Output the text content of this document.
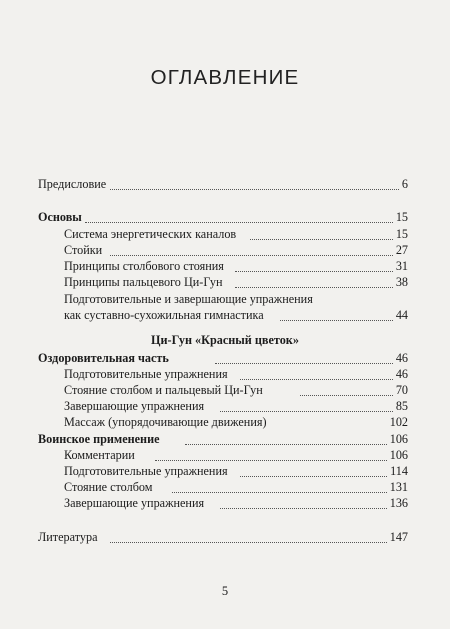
ОГЛАВЛЕНИЕ
Предисловие	6
Основы	15
Система энергетических каналов	15
Стойки	27
Принципы столбового стояния	31
Принципы пальцевого Ци-Гун	38
Подготовительные и завершающие упражнения
как суставно-сухожильная гимнастика	44
Ци-Гун «Красный цветок»
Оздоровительная часть	46
Подготовительные упражнения	46
Стояние столбом и пальцевый Ци-Гун	70
Завершающие упражнения	85
Массаж (упорядочивающие движения)	102
Воинское применение	106
Комментарии	106
Подготовительные упражнения	114
Стояние столбом	131
Завершающие упражнения	136
Литература	147
5
